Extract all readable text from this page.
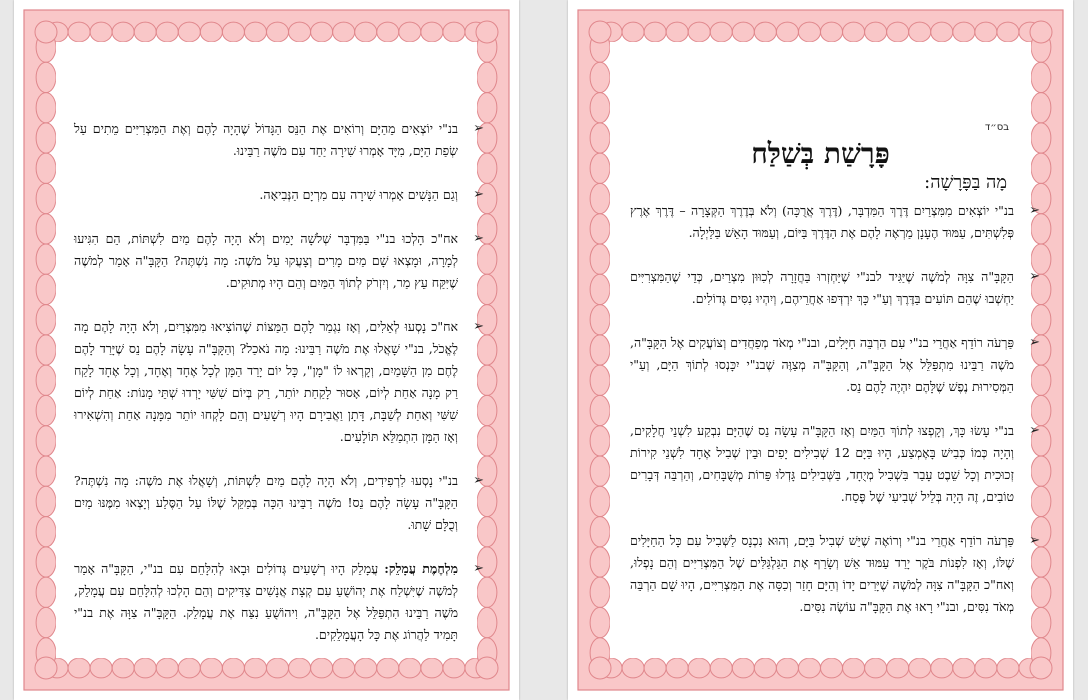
➢
בנ"י יוֹצְאִים מֵהַיָּם וְרוֹאִים אֶת הַנֵּס הַגָּדוֹל שֶׁהָיָה לָהֶם וְאֶת הַמִּצְרִיִּים מֵתִים עַל שְׂפַת הַיָּם, מִיָּד אָמְרוּ שִׁירָה יַחַד עִם מֹשֶׁה רַבֵּינוּ.
➢
וְגַם הַנָּשִׁים אָמְרוּ שִׁירָה עִם מִרְיָם הַנְּבִיאָה.
➢
אח"כ הָלְכוּ בנ"י בַּמִּדְבָּר שְׁלֹשָׁה יָמִים וְלֹא הָיָה לָהֶם מַיִם לִשְׁתּוֹת, הֵם הִגִּיעוּ לְמָרָה, וּמָצְאוּ שָׁם מַיִם מָרִים וְצָעֲקוּ עַל מֹשֶׁה: מָה נִשְׁתֶּה? הַקָּבָּ"ה אָמַר לְמֹשֶׁה שֶׁיִּקַּח עֵץ מַר, וְיִזְרֹק לְתוֹךְ הַמַּיִם וְהֵם הָיוּ מְתוּקִים.
➢
אח"כ נָסְעוּ לְאֵלִים, וְאָז נִגְמַר לָהֶם הַמַּצּוֹת שֶׁהוֹצִיאוּ מִמִּצְרַיִם, וְלֹא הָיָה לָהֶם מָה לֶאֱכֹל, בנ"י שָׁאֲלוּ אֶת מֹשֶׁה רַבֵּינוּ: מָה נֹאכַל? וְהַקָּבָּ"ה עָשָׂה לָהֶם נֵס שֶׁיָּרַד לָהֶם לֶחֶם מִן הַשָּׁמַיִם, וְקָרְאוּ לוֹ "מָן", כָּל יוֹם יָרַד הַמָּן לְכָל אֶחָד וְאֶחָד, וְכָל אֶחָד לָקַח רַק מָנָה אַחַת לְיוֹם, אָסוּר לָקַחַת יוֹתֵר, רַק בְּיוֹם שִׁשִּׁי יָרְדוּ שְׁתֵּי מָנוֹת: אַחַת לְיוֹם שִׁשִּׁי וְאַחַת לְשַׁבָּת, דָּתָן וַאֲבִירָם הָיוּ רְשָׁעִים וְהֵם לָקְחוּ יוֹתֵר מִמָּנָה אַחַת וְהִשְׁאִירוּ וְאָז הַמָּן הִתְמַלֵּא תּוֹלָעִים.
➢
בנ"י נָסְעוּ לִרְפִידִים, וְלֹא הָיָה לָהֶם מַיִם לִשְׁתּוֹת, וְשָׁאֲלוּ אֶת מֹשֶׁה: מָה נִשְׁתֶּה? הַקָּבָּ"ה עָשָׂה לָהֶם נֵס! מֹשֶׁה רַבֵּינוּ הִכָּה בְּמַקֵּל שֶׁלּוֹ עַל הַסֶּלַע וְיָצְאוּ מִמֶּנּוּ מַיִם וְכֻלָּם שָׁתוּ.
➢
מִלְחֶמֶת עֲמָלֵק: עֲמָלֵק הָיוּ רְשָׁעִים גְּדוֹלִים וּבָאוּ לְהִלָּחֵם עִם בנ"י, הַקָּבָּ"ה אָמַר לְמֹשֶׁה שֶׁיִּשְׁלַח אֶת יְהוֹשֻׁעַ עִם קְצָת אֲנָשִׁים צַדִּיקִים וְהֵם הָלְכוּ לְהִלָּחֵם עִם עֲמָלֵק, מֹשֶׁה רַבֵּינוּ הִתְפַּלֵּל אֶל הַקָּבָּ"ה, וִיהוֹשֻׁעַ נִצַּח אֶת עֲמָלֵק. הַקָּבָּ"ה צִוָּה אֶת בנ"י תָּמִיד לַהֲרוֹג אֶת כָּל הָעֲמָלֵקִים.
בס״ד
פָּרָשַׁת בְּשַׁלַּח
מָה בַּפָּרָשָׁה:
➢
בנ"י יוֹצְאִים מִמִּצְרַיִם דֶּרֶךְ הַמִּדְבָּר, (דֶּרֶךְ אֲרֻכָּה) וְלֹא בְּדֶרֶךְ הַקְּצָרָה – דֶּרֶךְ אֶרֶץ פְּלִשְׁתִּים, עַמּוּד הֶעָנָן מַרְאֶה לָהֶם אֶת הַדֶּרֶךְ בַּיּוֹם, וְעַמּוּד הָאֵשׁ בַּלַּיְלָה.
➢
הַקָּבָּ"ה צִוָּה לְמֹשֶׁה שֶׁיַּגִּיד לבנ"י שֶׁיַּחְזְרוּ בַּחֲזָרָה לְכִוּוּן מִצְרַיִם, כְּדֵי שֶׁהַמִּצְרִיִּים יַחְשְׁבוּ שֶׁהֵם תּוֹעִים בַּדֶּרֶךְ וְעַ"י כָּךְ יִרְדְּפוּ אַחֲרֵיהֶם, וְיִהְיוּ נִסִּים גְּדוֹלִים.
➢
פַּרְעֹה רוֹדֵף אַחֲרֵי בנ"י עִם הַרְבֵּה חַיָּלִים, ובנ"י מְאֹד מְפַחֲדִים וְצוֹעֲקִים אֶל הַקָּבָּ"ה, מֹשֶׁה רַבֵּינוּ מִתְפַּלֵּל אֶל הַקָּבָּ"ה, וְהַקָּבָּ"ה מְצַוֶּה שֶׁבנ"י יִכָּנְסוּ לְתוֹךְ הַיָּם, וְעַ"י הַמְּסִירוּת נֶפֶשׁ שֶׁלָּהֶם יִהְיֶה לָהֶם נֵס.
➢
בנ"י עָשׂוּ כָּךְ, וְקָפְצוּ לְתוֹךְ הַמַּיִם וְאָז הַקָּבָּ"ה עָשָׂה נֵס שֶׁהַיָּם נִבְקַע לִשְׁנֵי חֲלָקִים, וְהָיָה כְּמוֹ כְּבִישׁ בָּאֶמְצַע, הָיוּ בַּיָּם 12 שְׁבִילִים יָפִים וּבֵין שְׁבִיל אֶחָד לִשְׁנֵי קִירוֹת זְכוּכִית וְכָל שֵׁבֶט עָבַר בִּשְׁבִיל מְיֻחָד, בַּשְּׁבִילִים גָּדְלוּ פֵּרוֹת מְשֻׁבָּחִים, וְהַרְבֵּה דְּבָרִים טוֹבִים, זֶה הָיָה בְּלֵיל שְׁבִיעִי שֶׁל פֶּסַח.
➢
פַּרְעֹה רוֹדֵף אַחֲרֵי בנ"י וְרוֹאֶה שֶׁיֵּשׁ שְׁבִיל בַּיָּם, וְהוּא נִכְנָס לַשְּׁבִיל עִם כָּל הַחַיָּלִים שֶׁלּוֹ, וְאָז לִפְנוֹת בֹּקֶר יָרַד עַמּוּד אֵשׁ וְשָׂרַף אֶת הַגַּלְגַּלִּים שֶׁל הַמִּצְרִיִּים וְהֵם נָפְלוּ, וְאח"כ הַקָּבָּ"ה צִוָּה לְמֹשֶׁה שֶׁיָּרִים יָדוֹ וְהַיָּם חָזַר וְכִסָּה אֶת הַמִּצְרִיִּים, הָיוּ שָׁם הַרְבֵּה מְאֹד נִסִּים, ובנ"י רָאוּ אֶת הַקָּבָּ"ה עוֹשֶׂה נִסִּים.
